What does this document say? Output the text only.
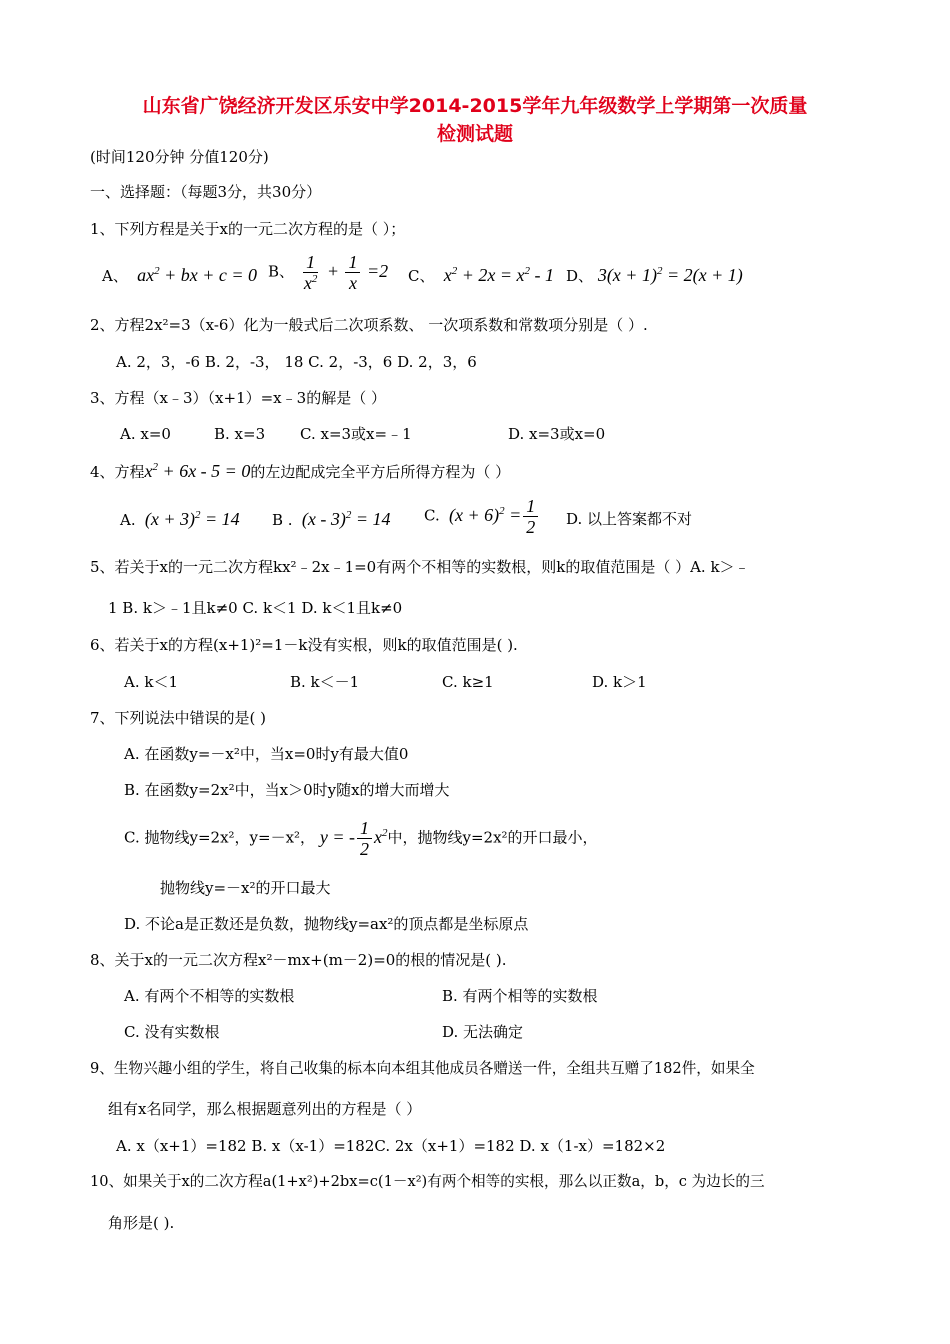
山东省广饶经济开发区乐安中学2014-2015学年九年级数学上学期第一次质量
检测试题
(时间120分钟 分值120分)
一、选择题：（每题3分，共30分）
1、下列方程是关于x的一元二次方程的是（ ）；
A、  $ax^2$ + bx + c = 0 B、 $\frac{1}{x^2} + \frac{1}{x} =2$ C、  $x^2 + 2x = x^2 - 1$ D、 $3(x + 1)^2 = 2(x + 1)$
2、方程2x²=3（x-6）化为一般式后二次项系数、 一次项系数和常数项分别是（ ）.
A. 2，3，-6 B. 2，-3， 18 C. 2，-3，6 D. 2，3，6
3、方程（x﹣3）（x+1）=x﹣3的解是（ ）
A. x=0	B. x=3 C. x=3或x=﹣1	D. x=3或x=0
4、方程$x^2 + 6x - 5 = 0$的左边配成完全平方后所得方程为（ ）
A.  $(x + 3)^2 = 14$ B .  (x - 3)$^2$ = 14 C.  $(x + 6)^2 = \frac{1}{2} D$. 以上答案都不对
5、若关于x的一元二次方程kx²﹣2x﹣1=0有两个不相等的实数根，则k的取值范围是（ ）A. k＞﹣
1 B. k＞﹣1且k≠0 C. k＜1 D. k＜1且k≠0
6、若关于x的方程(x+1)²=1－k没有实根，则k的取值范围是( ).
A. k＜1	B. k＜－1	C. k≥1	D. k＞1
7、下列说法中错误的是( )
A. 在函数y=－x²中，当x=0时y有最大值0
B. 在函数y=2x²中，当x＞0时y随x的增大而增大
C. 抛物线y=2x²，y=－x²， y = - $\frac{1}{2} x^2$中，抛物线y=2x²的开口最小，
抛物线y=－x²的开口最大
D. 不论a是正数还是负数，抛物线y=ax²的顶点都是坐标原点
8、关于x的一元二次方程x²－mx+(m－2)=0的根的情况是( ).
A. 有两个不相等的实数根	B. 有两个相等的实数根
C. 没有实数根	D. 无法确定
9、生物兴趣小组的学生，将自己收集的标本向本组其他成员各赠送一件，全组共互赠了182件，如果全
组有x名同学，那么根据题意列出的方程是（ ）
A. x（x+1）=182 B. x（x-1）=182C. 2x（x+1）=182 D. x（1-x）=182×2
10、如果关于x的二次方程a(1+x²)+2bx=c(1－x²)有两个相等的实根，那么以正数a，b，c 为边长的三
角形是( ).
